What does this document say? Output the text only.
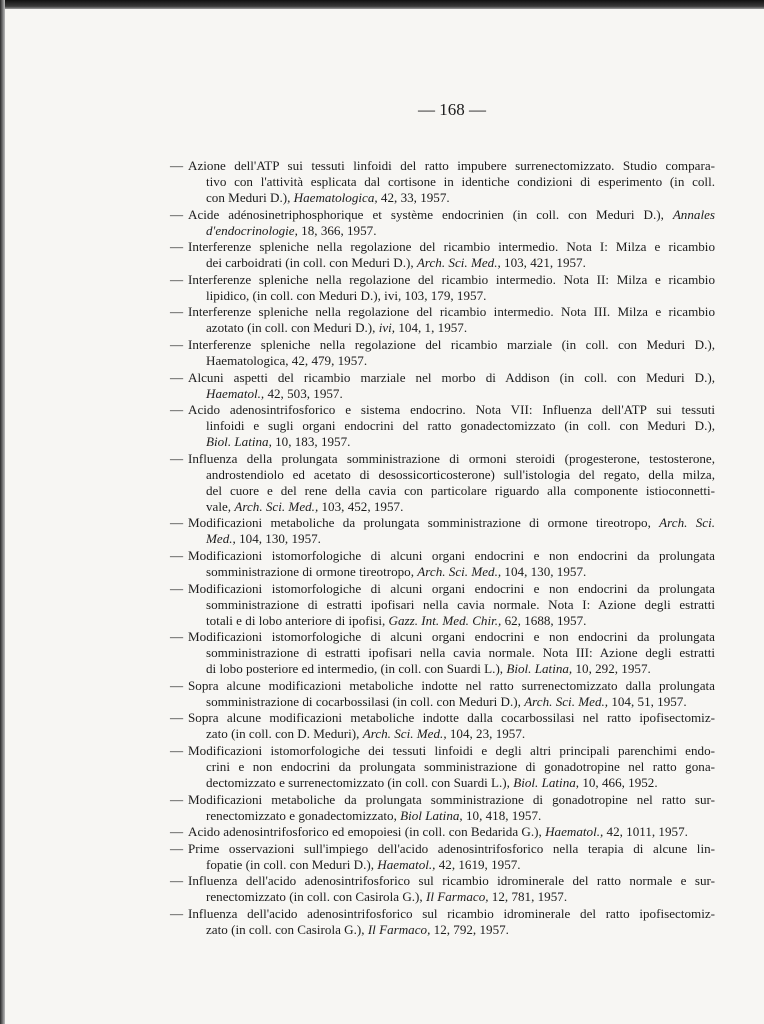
— 168 —
— Azione dell'ATP sui tessuti linfoidi del ratto impubere surrenectomizzato. Studio compara-
tivo con l'attività esplicata dal cortisone in identiche condizioni di esperimento (in coll.
con Meduri D.), Haematologica, 42, 33, 1957.
— Acide adénosinetriphosphorique et système endocrinien (in coll. con Meduri D.), Annales
d'endocrinologie, 18, 366, 1957.
— Interferenze spleniche nella regolazione del ricambio intermedio. Nota I: Milza e ricambio
dei carboidrati (in coll. con Meduri D.), Arch. Sci. Med., 103, 421, 1957.
— Interferenze spleniche nella regolazione del ricambio intermedio. Nota II: Milza e ricambio
lipidico, (in coll. con Meduri D.), ivi, 103, 179, 1957.
— Interferenze spleniche nella regolazione del ricambio intermedio. Nota III. Milza e ricambio
azotato (in coll. con Meduri D.), ivi, 104, 1, 1957.
— Interferenze spleniche nella regolazione del ricambio marziale (in coll. con Meduri D.),
Haematologica, 42, 479, 1957.
— Alcuni aspetti del ricambio marziale nel morbo di Addison (in coll. con Meduri D.),
Haematol., 42, 503, 1957.
— Acido adenosintrifosforico e sistema endocrino. Nota VII: Influenza dell'ATP sui tessuti
linfoidi e sugli organi endocrini del ratto gonadectomizzato (in coll. con Meduri D.),
Biol. Latina, 10, 183, 1957.
— Influenza della prolungata somministrazione di ormoni steroidi (progesterone, testosterone,
androstendiolo ed acetato di desossicorticosterone) sull'istologia del regato, della milza,
del cuore e del rene della cavia con particolare riguardo alla componente istioconnetti-
vale, Arch. Sci. Med., 103, 452, 1957.
— Modificazioni metaboliche da prolungata somministrazione di ormone tireotropo, Arch. Sci.
Med., 104, 130, 1957.
— Modificazioni istomorfologiche di alcuni organi endocrini e non endocrini da prolungata
somministrazione di ormone tireotropo, Arch. Sci. Med., 104, 130, 1957.
— Modificazioni istomorfologiche di alcuni organi endocrini e non endocrini da prolungata
somministrazione di estratti ipofisari nella cavia normale. Nota I: Azione degli estratti
totali e di lobo anteriore di ipofisi, Gazz. Int. Med. Chir., 62, 1688, 1957.
— Modificazioni istomorfologiche di alcuni organi endocrini e non endocrini da prolungata
somministrazione di estratti ipofisari nella cavia normale. Nota III: Azione degli estratti
di lobo posteriore ed intermedio, (in coll. con Suardi L.), Biol. Latina, 10, 292, 1957.
— Sopra alcune modificazioni metaboliche indotte nel ratto surrenectomizzato dalla prolungata
somministrazione di cocarbossilasi (in coll. con Meduri D.), Arch. Sci. Med., 104, 51, 1957.
— Sopra alcune modificazioni metaboliche indotte dalla cocarbossilasi nel ratto ipofisectomiz-
zato (in coll. con D. Meduri), Arch. Sci. Med., 104, 23, 1957.
— Modificazioni istomorfologiche dei tessuti linfoidi e degli altri principali parenchimi endo-
crini e non endocrini da prolungata somministrazione di gonadotropine nel ratto gona-
dectomizzato e surrenectomizzato (in coll. con Suardi L.), Biol. Latina, 10, 466, 1952.
— Modificazioni metaboliche da prolungata somministrazione di gonadotropine nel ratto sur-
renectomizzato e gonadectomizzato, Biol Latina, 10, 418, 1957.
— Acido adenosintrifosforico ed emopoiesi (in coll. con Bedarida G.), Haematol., 42, 1011, 1957.
— Prime osservazioni sull'impiego dell'acido adenosintrifosforico nella terapia di alcune lin-
fopatie (in coll. con Meduri D.), Haematol., 42, 1619, 1957.
— Influenza dell'acido adenosintrifosforico sul ricambio idrominerale del ratto normale e sur-
renectomizzato (in coll. con Casirola G.), Il Farmaco, 12, 781, 1957.
— Influenza dell'acido adenosintrifosforico sul ricambio idrominerale del ratto ipofisectomiz-
zato (in coll. con Casirola G.), Il Farmaco, 12, 792, 1957.
